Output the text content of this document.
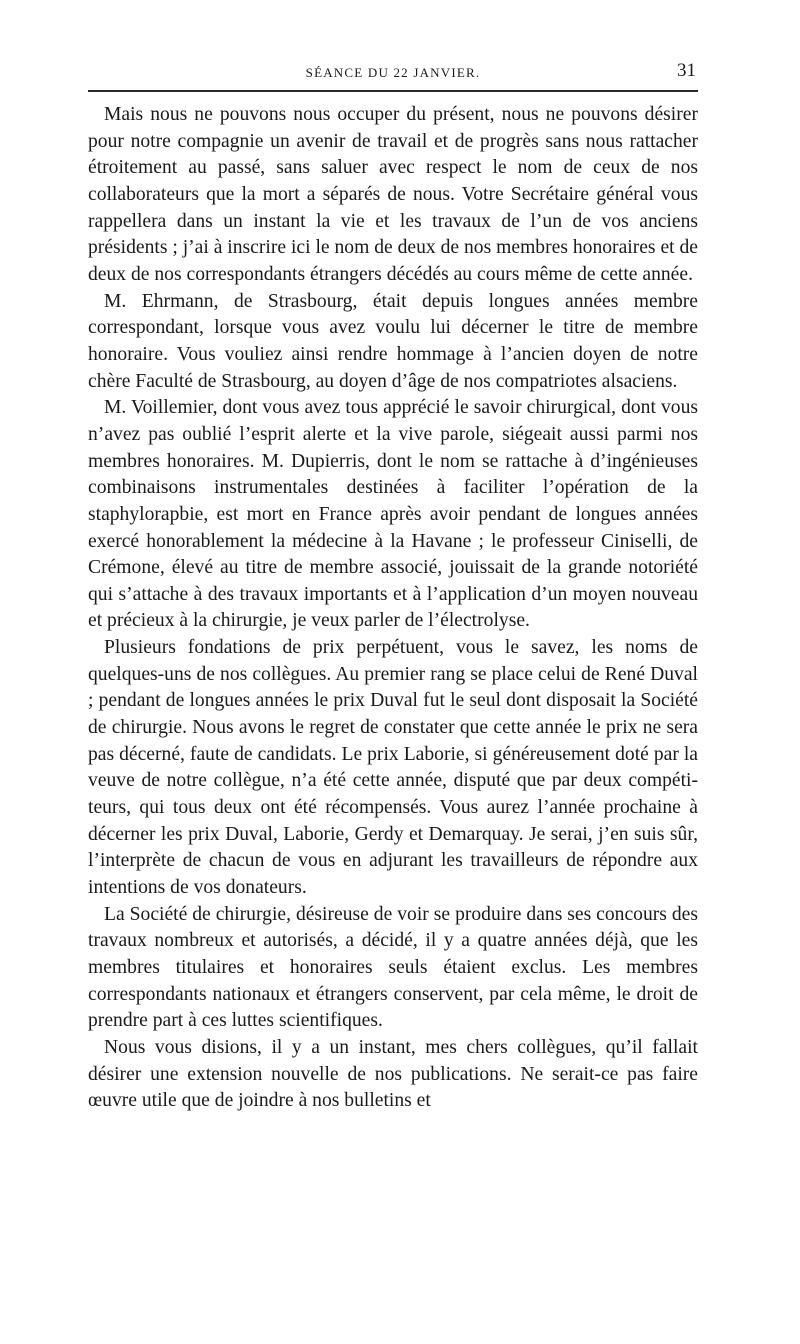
SÉANCE DU 22 JANVIER.	31

Mais nous ne pouvons nous occuper du présent, nous ne pouvons désirer pour notre compagnie un avenir de travail et de progrès sans nous rattacher étroitement au passé, sans saluer avec respect le nom de ceux de nos collaborateurs que la mort a séparés de nous. Votre Secrétaire général vous rappellera dans un instant la vie et les travaux de l’un de vos anciens présidents ; j’ai à inscrire ici le nom de deux de nos membres honoraires et de deux de nos correspondants étrangers décédés au cours même de cette année.

M. Ehrmann, de Strasbourg, était depuis longues années membre correspondant, lorsque vous avez voulu lui décerner le titre de membre honoraire. Vous vouliez ainsi rendre hommage à l’ancien doyen de notre chère Faculté de Strasbourg, au doyen d’âge de nos compatriotes alsaciens.

M. Voillemier, dont vous avez tous apprécié le savoir chirurgical, dont vous n’avez pas oublié l’esprit alerte et la vive parole, siégeait aussi parmi nos membres honoraires. M. Dupierris, dont le nom se rattache à d’ingénieuses combinaisons instrumentales destinées à faciliter l’opération de la staphylorapbie, est mort en France après avoir pendant de longues années exercé honorablement la médecine à la Havane ; le professeur Ciniselli, de Crémone, élevé au titre de membre associé, jouissait de la grande notoriété qui s’attache à des travaux importants et à l’application d’un moyen nouveau et précieux à la chirurgie, je veux parler de l’électrolyse.

Plusieurs fondations de prix perpétuent, vous le savez, les noms de quelques-uns de nos collègues. Au premier rang se place celui de René Duval ; pendant de longues années le prix Duval fut le seul dont disposait la Société de chirurgie. Nous avons le regret de constater que cette année le prix ne sera pas décerné, faute de candidats. Le prix Laborie, si généreusement doté par la veuve de notre collègue, n’a été cette année, disputé que par deux compétiteurs, qui tous deux ont été récompensés. Vous aurez l’année prochaine à décerner les prix Duval, Laborie, Gerdy et Demarquay. Je serai, j’en suis sûr, l’interprète de chacun de vous en adjurant les travailleurs de répondre aux intentions de vos donateurs.

La Société de chirurgie, désireuse de voir se produire dans ses concours des travaux nombreux et autorisés, a décidé, il y a quatre années déjà, que les membres titulaires et honoraires seuls étaient exclus. Les membres correspondants nationaux et étrangers conservent, par cela même, le droit de prendre part à ces luttes scientifiques.

Nous vous disions, il y a un instant, mes chers collègues, qu’il fallait désirer une extension nouvelle de nos publications. Ne serait-ce pas faire œuvre utile que de joindre à nos bulletins et
